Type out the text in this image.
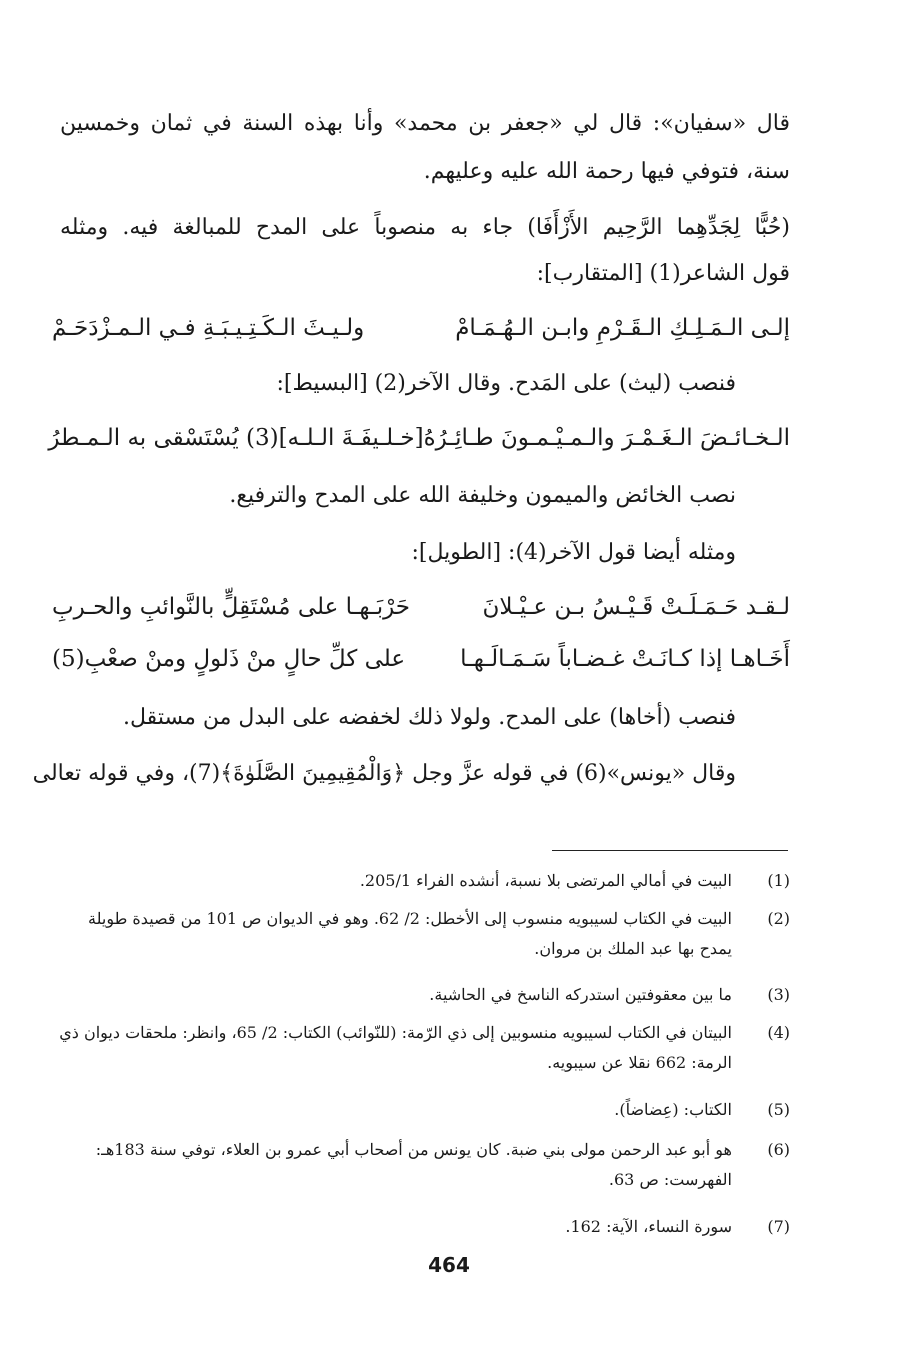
قال «سفيان»: قال لي «جعفر بن محمد» وأنا بهذه السنة في ثمان وخمسين
سنة، فتوفي فيها رحمة الله عليه وعليهم.
(حُبًّا لِجَدِّهِما الرَّحِيم الأَزْأَفَا) جاء به منصوباً على المدح للمبالغة فيه. ومثله
قول الشاعر(1) [المتقارب]:
إلـى الـمَـلِـكِ الـقَـرْمِ وابـن الـهُـمَـامْ
ولـيـثَ الـكَـتِـيـبَـةِ فـي الـمـزْدَحَـمْ
فنصب (ليث) على المَدح. وقال الآخر(2) [البسيط]:
الـخـائـضَ الـغَـمْـرَ والـمـيْـمـونَ طـائِـرُهُ
[خـلـيفَـةَ الـلـه](3) يُسْتَسْقى به الـمـطرُ
نصب الخائض والميمون وخليفة الله على المدح والترفيع.
ومثله أيضا قول الآخر(4): [الطويل]:
لـقـد حَـمَـلَـتْ قَـيْـسُ بـن عـيْـلانَ
حَرْبَـهـا على مُسْتَقِلٍّ بالنَّوائبِ والحـربِ
أَخَـاهـا إذا كـانَـتْ غـضـاباً سَـمَـالَـهـا
على كلِّ حالٍ منْ ذَلولٍ ومنْ صعْبِ(5)
فنصب (أخاها) على المدح. ولولا ذلك لخفضه على البدل من مستقل.
وقال «يونس»(6) في قوله عزَّ وجل ﴿وَالْمُقِيمِينَ الصَّلَوٰةَ﴾(7)، وفي قوله تعالى
(1)
البيت في أمالي المرتضى بلا نسبة، أنشده الفراء 205/1.
(2)
البيت في الكتاب لسيبويه منسوب إلى الأخطل: 2/ 62. وهو في الديوان ص 101 من قصيدة طويلة يمدح بها عبد الملك بن مروان.
(3)
ما بين معقوفتين استدركه الناسخ في الحاشية.
(4)
البيتان في الكتاب لسيبويه منسوبين إلى ذي الرّمة: (للنّوائب) الكتاب: 2/ 65، وانظر: ملحقات ديوان ذي الرمة: 662 نقلا عن سيبويه.
(5)
الكتاب: (عِضاضاً).
(6)
هو أبو عبد الرحمن مولى بني ضبة. كان يونس من أصحاب أبي عمرو بن العلاء، توفي سنة 183هـ: الفهرست: ص 63.
(7)
سورة النساء، الآية: 162.
464
